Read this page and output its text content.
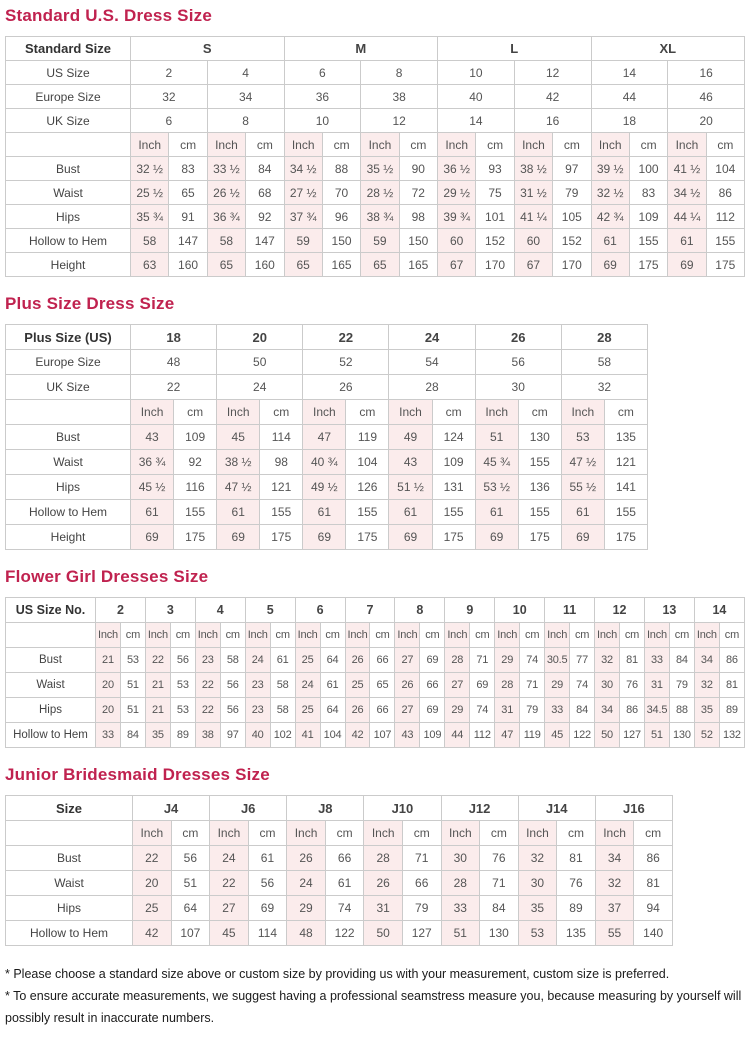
Standard U.S. Dress Size
Standard Size	S				M				L				XL			
US Size	2		4		6		8		10		12		14		16	
Europe Size	32		34		36		38		40		42		44		46	
UK Size	6		8		10		12		14		16		18		20	
	Inch	cm	Inch	cm	Inch	cm	Inch	cm	Inch	cm	Inch	cm	Inch	cm	Inch	cm
Bust	32 ½	83	33 ½	84	34 ½	88	35 ½	90	36 ½	93	38 ½	97	39 ½	100	41 ½	104
Waist	25 ½	65	26 ½	68	27 ½	70	28 ½	72	29 ½	75	31 ½	79	32 ½	83	34 ½	86
Hips	35 ¾	91	36 ¾	92	37 ¾	96	38 ¾	98	39 ¾	101	41 ¼	105	42 ¾	109	44 ¼	112
Hollow to Hem	58	147	58	147	59	150	59	150	60	152	60	152	61	155	61	155
Height	63	160	65	160	65	165	65	165	67	170	67	170	69	175	69	175
Plus Size Dress Size
Plus Size (US)	18		20		22		24		26		28	
Europe Size	48		50		52		54		56		58	
UK Size	22		24		26		28		30		32	
	Inch	cm	Inch	cm	Inch	cm	Inch	cm	Inch	cm	Inch	cm
Bust	43	109	45	114	47	119	49	124	51	130	53	135
Waist	36 ¾	92	38 ½	98	40 ¾	104	43	109	45 ¾	155	47 ½	121
Hips	45 ½	116	47 ½	121	49 ½	126	51 ½	131	53 ½	136	55 ½	141
Hollow to Hem	61	155	61	155	61	155	61	155	61	155	61	155
Height	69	175	69	175	69	175	69	175	69	175	69	175
Flower Girl Dresses Size
US Size No.	2		3		4		5		6		7		8		9		10		11		12		13		14	
	Inch	cm	Inch	cm	Inch	cm	Inch	cm	Inch	cm	Inch	cm	Inch	cm	Inch	cm	Inch	cm	Inch	cm	Inch	cm	Inch	cm	Inch	cm
Bust	21	53	22	56	23	58	24	61	25	64	26	66	27	69	28	71	29	74	30.5	77	32	81	33	84	34	86
Waist	20	51	21	53	22	56	23	58	24	61	25	65	26	66	27	69	28	71	29	74	30	76	31	79	32	81
Hips	20	51	21	53	22	56	23	58	25	64	26	66	27	69	29	74	31	79	33	84	34	86	34.5	88	35	89
Hollow to Hem	33	84	35	89	38	97	40	102	41	104	42	107	43	109	44	112	47	119	45	122	50	127	51	130	52	132
Junior Bridesmaid Dresses Size
Size	J4		J6		J8		J10		J12		J14		J16	
	Inch	cm	Inch	cm	Inch	cm	Inch	cm	Inch	cm	Inch	cm	Inch	cm
Bust	22	56	24	61	26	66	28	71	30	76	32	81	34	86
Waist	20	51	22	56	24	61	26	66	28	71	30	76	32	81
Hips	25	64	27	69	29	74	31	79	33	84	35	89	37	94
Hollow to Hem	42	107	45	114	48	122	50	127	51	130	53	135	55	140

* Please choose a standard size above or custom size by providing us with your measurement, custom size is preferred.

* To ensure accurate measurements, we suggest having a professional seamstress measure you, because measuring by yourself will possibly result in inaccurate numbers.
